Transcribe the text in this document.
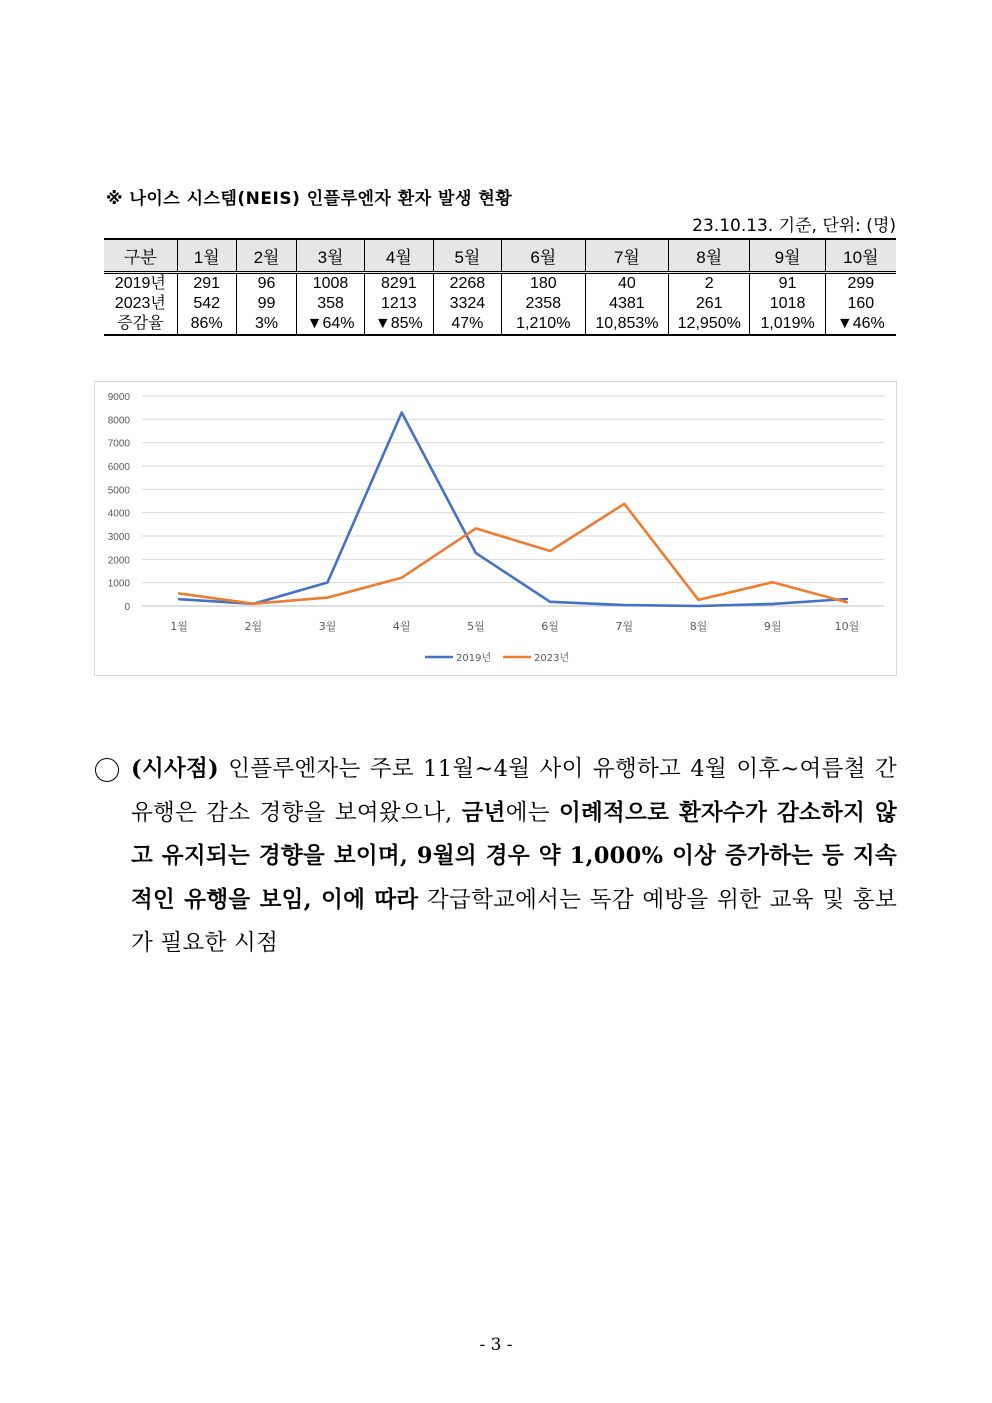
※ 나이스 시스템(NEIS) 인플루엔자 환자 발생 현황
23.10.13. 기준, 단위: (명)
구분	1월	2월	3월	4월	5월	6월	7월	8월	9월	10월
2019년	291	96	1008	8291	2268	180	40	2	91	299
2023년	542	99	358	1213	3324	2358	4381	261	1018	160
증감율	86%	3%	▼64%	▼85%	47%	1,210%	10,853%	12,950%	1,019%	▼46%
0
1000
2000
3000
4000
5000
6000
7000
8000
9000
1월	2월	3월	4월	5월	6월	7월	8월	9월	10월
2019년	2023년
(시사점) 인플루엔자는 주로 11월~4월 사이 유행하고 4월 이후~여름철 간 유행은 감소 경향을 보여왔으나, 금년에는 이례적으로 환자수가 감소하지 않고 유지되는 경향을 보이며, 9월의 경우 약 1,000% 이상 증가하는 등 지속적인 유행을 보임, 이에 따라 각급학교에서는 독감 예방을 위한 교육 및 홍보가 필요한 시점
- 3 -
